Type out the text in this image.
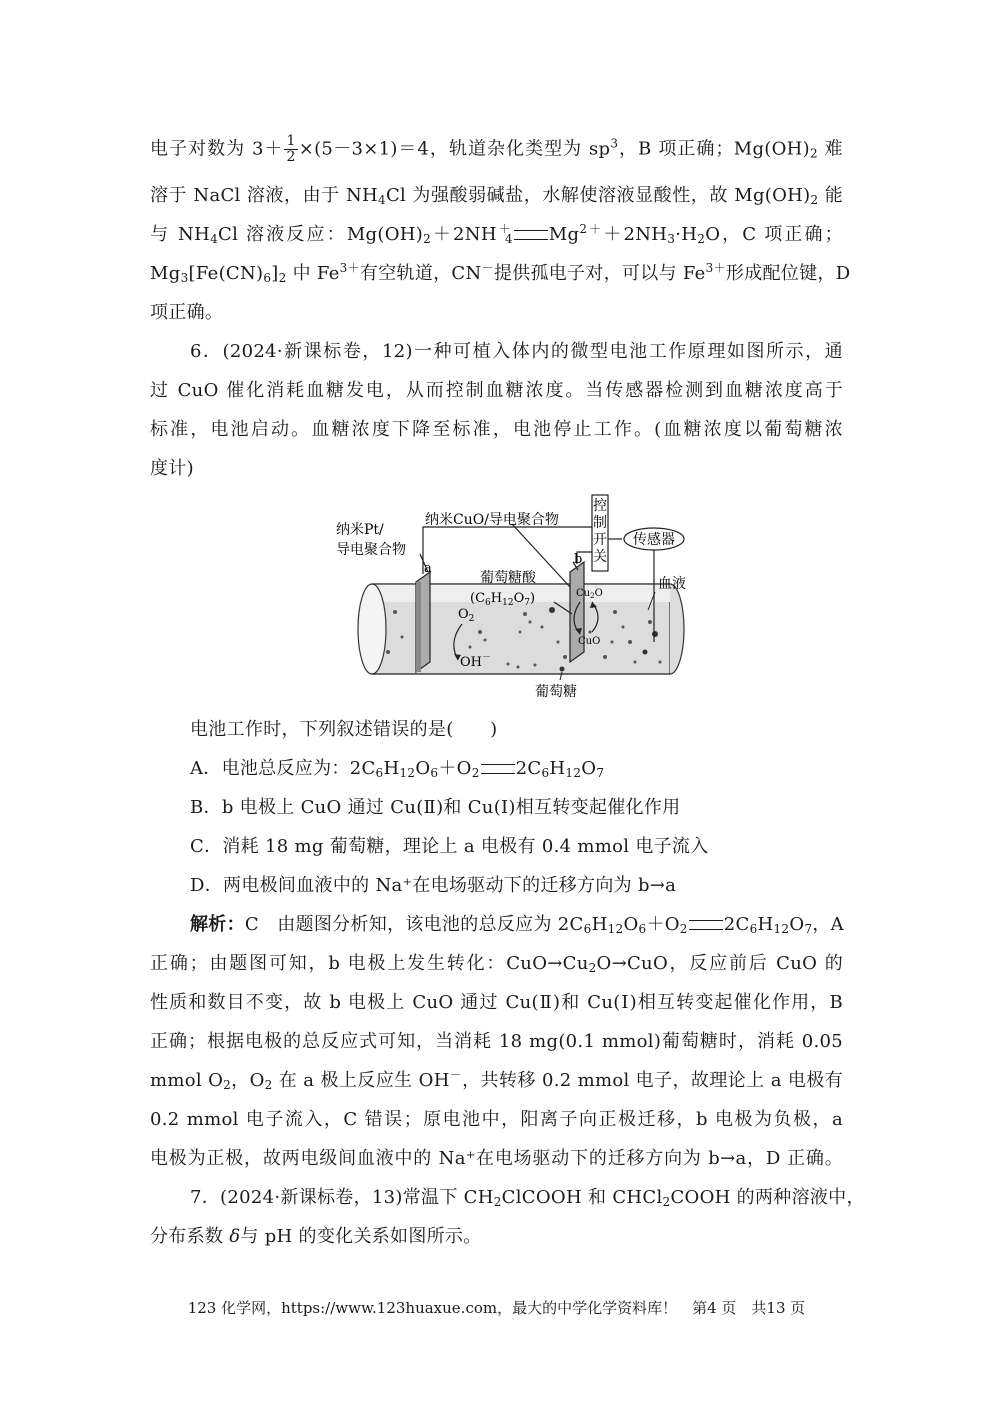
电子对数为 $3+ \frac{1}{2} \times(5-3\times 1)=4$，轨道杂化类型为 $sp^3$，B 项正确；$Mg(OH)_2$ 难
溶于 NaCl 溶液，由于 $NH_4Cl$ 为强酸弱碱盐，水解使溶液显酸性，故 $Mg(OH)_2$ 能
与 $NH_4Cl$ 溶液反应：$Mg(OH)_2+2NH^+_4$ $Mg^{2+}+2NH_3\cdot H_2O$，C 项正确；
$Mg_3[Fe(CN)_6]_2$ 中 $Fe^{3+}$有空轨道，CN－提供孤电子对，可以与 $Fe^{3+}$形成配位键，D
项正确。
6．(2024·新课标卷，12)一种可植入体内的微型电池工作原理如图所示，通
过 CuO 催化消耗血糖发电，从而控制血糖浓度。当传感器检测到血糖浓度高于
标准，电池启动。血糖浓度下降至标准，电池停止工作。(血糖浓度以葡萄糖浓
度计)
控
制
开
关
传感器
纳米Pt/
导电聚合物
纳米CuO/导电聚合物
a
b
葡萄糖酸
$(C_6H_{12}O_7)$
血液
葡萄糖
$O_2$
OH－
$Cu_2O$
CuO
电池工作时，下列叙述错误的是(　　)
A．电池总反应为：$2C_6H_{12}O_6+O_2$ $2C_6H_{12}O_7$
B．b 电极上 CuO 通过 Cu(Ⅱ)和 Cu(Ⅰ)相互转变起催化作用
C．消耗 18 mg 葡萄糖，理论上 a 电极有 0.4 mmol 电子流入
D．两电极间血液中的 Na⁺在电场驱动下的迁移方向为 b→a
解析：C　由题图分析知，该电池的总反应为 $2C_6H_{12}O_6+O_2$ $2C_6H_{12}O_7$，A
正确；由题图可知，b 电极上发生转化：$CuO\to Cu_2O\to CuO$，反应前后 CuO 的
性质和数目不变，故 b 电极上 CuO 通过 Cu(Ⅱ)和 Cu(Ⅰ)相互转变起催化作用，B
正确；根据电极的总反应式可知，当消耗 18 mg(0.1 mmol)葡萄糖时，消耗 0.05
mmol $O_2$，$O_2$ 在 a 极上反应生 OH－，共转移 0.2 mmol 电子，故理论上 a 电极有
0.2 mmol 电子流入，C 错误；原电池中，阳离子向正极迁移，b 电极为负极，a
电极为正极，故两电级间血液中的 Na⁺在电场驱动下的迁移方向为 b→a，D 正确。
7．(2024·新课标卷，13)常温下 $CH_2ClCOOH$ 和 CHCl$_2$COOH 的两种溶液中，
分布系数 δ与 pH 的变化关系如图所示。
123 化学网，https://www.123huaxue.com，最大的中学化学资料库！　第4 页　共13 页
